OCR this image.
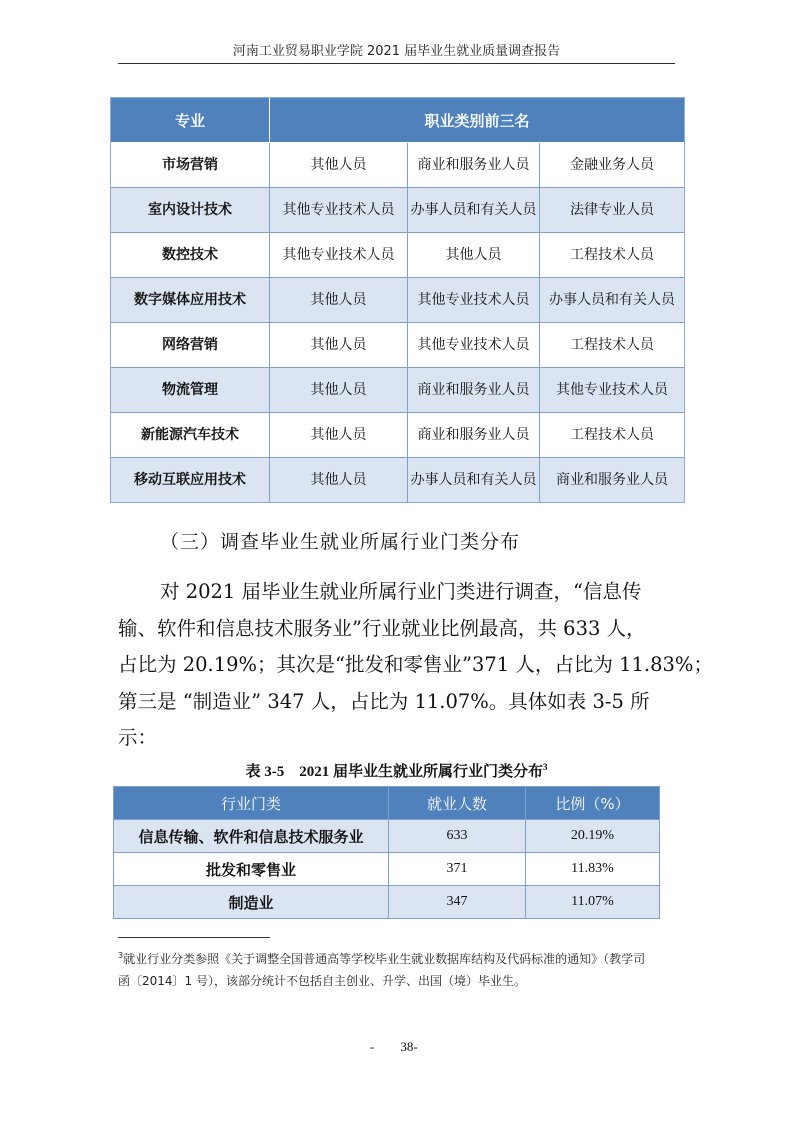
河南工业贸易职业学院 2021 届毕业生就业质量调查报告
专业	职业类别前三名		
市场营销	其他人员	商业和服务业人员	金融业务人员
室内设计技术	其他专业技术人员	办事人员和有关人员	法律专业人员
数控技术	其他专业技术人员	其他人员	工程技术人员
数字媒体应用技术	其他人员	其他专业技术人员	办事人员和有关人员
网络营销	其他人员	其他专业技术人员	工程技术人员
物流管理	其他人员	商业和服务业人员	其他专业技术人员
新能源汽车技术	其他人员	商业和服务业人员	工程技术人员
移动互联应用技术	其他人员	办事人员和有关人员	商业和服务业人员
（三）调查毕业生就业所属行业门类分布
对 2021 届毕业生就业所属行业门类进行调查，“信息传
输、软件和信息技术服务业”行业就业比例最高，共 633 人，
占比为 20.19%；其次是“批发和零售业”371 人，占比为 11.83%；
第三是 “制造业” 347 人，占比为 11.07%。具体如表 3-5 所
示：
表 3-5　2021 届毕业生就业所属行业门类分布$^3$
行业门类	就业人数	比例（%）
信息传输、软件和信息技术服务业	633	20.19%
批发和零售业	371	11.83%
制造业	347	11.07%
$^3$就业行业分类参照《关于调整全国普通高等学校毕业生就业数据库结构及代码标准的通知》（教学司
函〔2014〕1 号），该部分统计不包括自主创业、升学、出国（境）毕业生。
-　　38-
